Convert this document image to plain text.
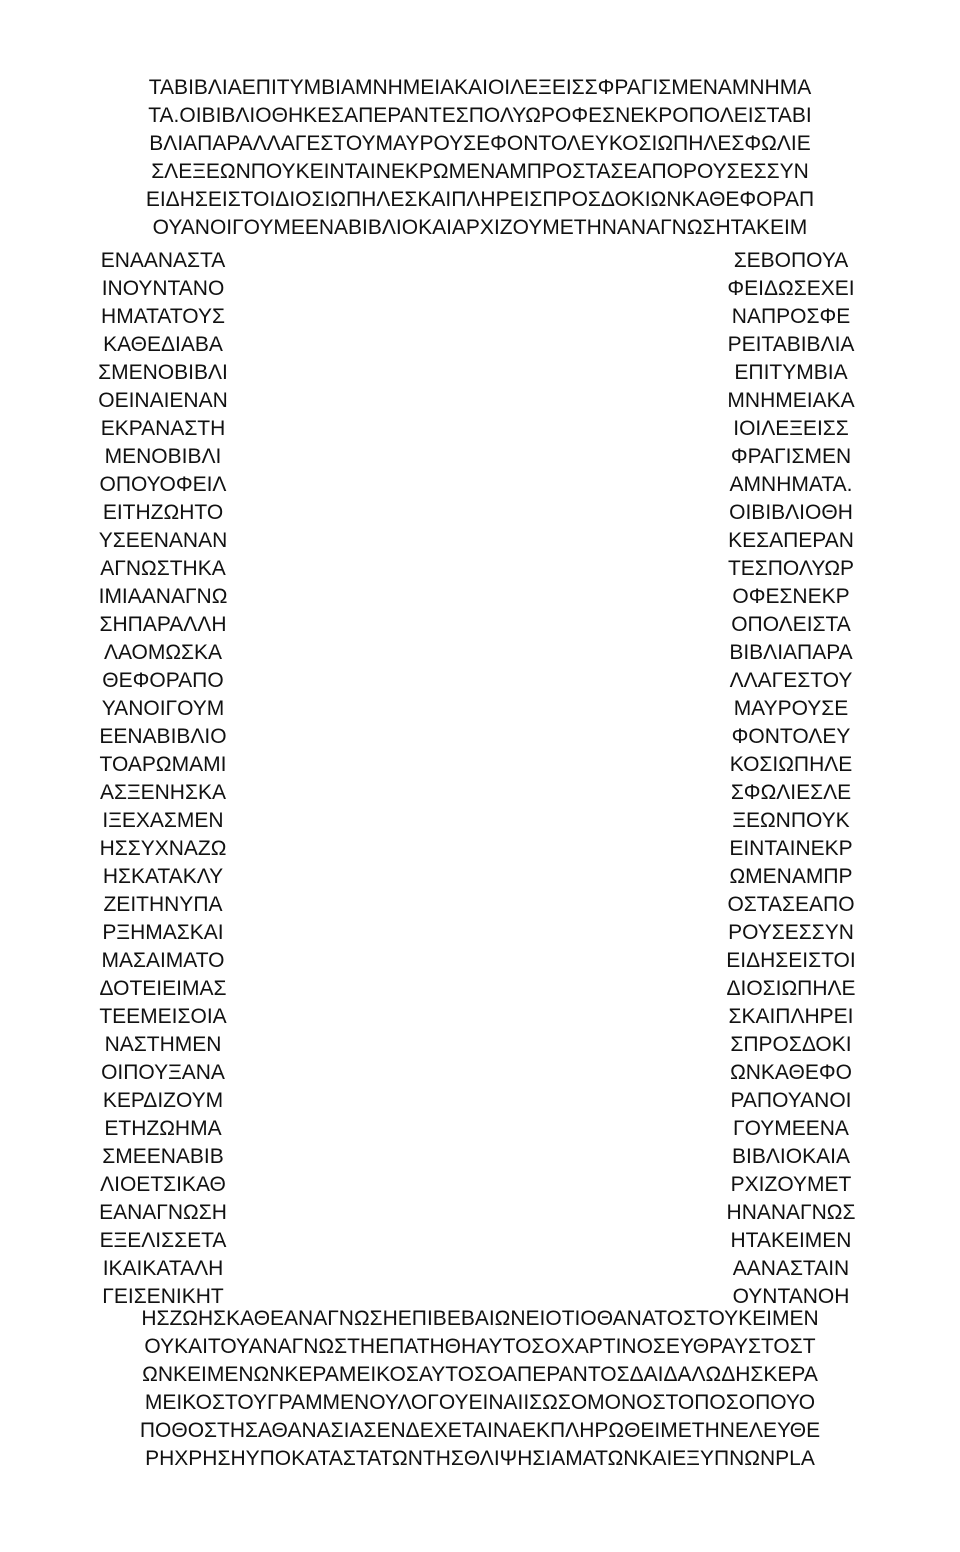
ΤΑΒΙΒΛΙΑΕΠΙΤΥΜΒΙΑΜΝΗΜΕΙΑΚΑΙΟΙΛΕΞΕΙΣΣΦΡΑΓΙΣΜΕΝΑΜΝΗΜΑ
ΤΑ.ΟΙΒΙΒΛΙΟΘΗΚΕΣΑΠΕΡΑΝΤΕΣΠΟΛΥΩΡΟΦΕΣΝΕΚΡΟΠΟΛΕΙΣΤΑΒΙ
ΒΛΙΑΠΑΡΑΛΛΑΓΕΣΤΟΥΜΑΥΡΟΥΣΕΦΟΝΤΟΛΕΥΚΟΣΙΩΠΗΛΕΣΦΩΛΙΕ
ΣΛΕΞΕΩΝΠΟΥΚΕΙΝΤΑΙΝΕΚΡΩΜΕΝΑΜΠΡΟΣΤΑΣΕΑΠΟΡΟΥΣΕΣΣΥΝ
ΕΙΔΗΣΕΙΣΤΟΙΔΙΟΣΙΩΠΗΛΕΣΚΑΙΠΛΗΡΕΙΣΠΡΟΣΔΟΚΙΩΝΚΑΘΕΦΟΡΑΠ
ΟΥΑΝΟΙΓΟΥΜΕΕΝΑΒΙΒΛΙΟΚΑΙΑΡΧΙΖΟΥΜΕΤΗΝΑΝΑΓΝΩΣΗΤΑΚΕΙΜ
ΕΝΑΑΝΑΣΤΑ
ΙΝΟΥΝΤΑΝΟ
ΗΜΑΤΑΤΟΥΣ
ΚΑΘΕΔΙΑΒΑ
ΣΜΕΝΟΒΙΒΛΙ
ΟΕΙΝΑΙΕΝΑΝ
ΕΚΡΑΝΑΣΤΗ
ΜΕΝΟΒΙΒΛΙ
ΟΠΟΥΟΦΕΙΛ
ΕΙΤΗΖΩΗΤΟ
ΥΣΕΕΝΑΝΑΝ
ΑΓΝΩΣΤΗΚΑ
ΙΜΙΑΑΝΑΓΝΩ
ΣΗΠΑΡΑΛΛΗ
ΛΑΟΜΩΣΚΑ
ΘΕΦΟΡΑΠΟ
ΥΑΝΟΙΓΟΥΜ
ΕΕΝΑΒΙΒΛΙΟ
ΤΟΑΡΩΜΑΜΙ
ΑΣΞΕΝΗΣΚΑ
ΙΞΕΧΑΣΜΕΝ
ΗΣΣΥΧΝΑΖΩ
ΗΣΚΑΤΑΚΛΥ
ΖΕΙΤΗΝΥΠΑ
ΡΞΗΜΑΣΚΑΙ
ΜΑΣΑΙΜΑΤΟ
ΔΟΤΕΙΕΙΜΑΣ
ΤΕΕΜΕΙΣΟΙΑ
ΝΑΣΤΗΜΕΝ
ΟΙΠΟΥΞΑΝΑ
ΚΕΡΔΙΖΟΥΜ
ΕΤΗΖΩΗΜΑ
ΣΜΕΕΝΑΒΙΒ
ΛΙΟΕΤΣΙΚΑΘ
ΕΑΝΑΓΝΩΣΗ
ΕΞΕΛΙΣΣΕΤΑ
ΙΚΑΙΚΑΤΑΛΗ
ΓΕΙΣΕΝΙΚΗΤ
ΣΕΒΟΠΟΥΑ
ΦΕΙΔΩΣΕΧΕΙ
ΝΑΠΡΟΣΦΕ
ΡΕΙΤΑΒΙΒΛΙΑ
ΕΠΙΤΥΜΒΙΑ
ΜΝΗΜΕΙΑΚΑ
ΙΟΙΛΕΞΕΙΣΣ
ΦΡΑΓΙΣΜΕΝ
ΑΜΝΗΜΑΤΑ.
ΟΙΒΙΒΛΙΟΘΗ
ΚΕΣΑΠΕΡΑΝ
ΤΕΣΠΟΛΥΩΡ
ΟΦΕΣΝΕΚΡ
ΟΠΟΛΕΙΣΤΑ
ΒΙΒΛΙΑΠΑΡΑ
ΛΛΑΓΕΣΤΟΥ
ΜΑΥΡΟΥΣΕ
ΦΟΝΤΟΛΕΥ
ΚΟΣΙΩΠΗΛΕ
ΣΦΩΛΙΕΣΛΕ
ΞΕΩΝΠΟΥΚ
ΕΙΝΤΑΙΝΕΚΡ
ΩΜΕΝΑΜΠΡ
ΟΣΤΑΣΕΑΠΟ
ΡΟΥΣΕΣΣΥΝ
ΕΙΔΗΣΕΙΣΤΟΙ
ΔΙΟΣΙΩΠΗΛΕ
ΣΚΑΙΠΛΗΡΕΙ
ΣΠΡΟΣΔΟΚΙ
ΩΝΚΑΘΕΦΟ
ΡΑΠΟΥΑΝΟΙ
ΓΟΥΜΕΕΝΑ
ΒΙΒΛΙΟΚΑΙΑ
ΡΧΙΖΟΥΜΕΤ
ΗΝΑΝΑΓΝΩΣ
ΗΤΑΚΕΙΜΕΝ
ΑΑΝΑΣΤΑΙΝ
ΟΥΝΤΑΝΟΗ
ΗΣΖΩΗΣΚΑΘΕΑΝΑΓΝΩΣΗΕΠΙΒΕΒΑΙΩΝΕΙΟΤΙΟΘΑΝΑΤΟΣΤΟΥΚΕΙΜΕΝ
ΟΥΚΑΙΤΟΥΑΝΑΓΝΩΣΤΗΕΠΑΤΗΘΗΑΥΤΟΣΟΧΑΡΤΙΝΟΣΕΥΘΡΑΥΣΤΟΣΤ
ΩΝΚΕΙΜΕΝΩΝΚΕΡΑΜΕΙΚΟΣΑΥΤΟΣΟΑΠΕΡΑΝΤΟΣΔΑΙΔΑΛΩΔΗΣΚΕΡΑ
ΜΕΙΚΟΣΤΟΥΓΡΑΜΜΕΝΟΥΛΟΓΟΥΕΙΝΑΙΙΣΩΣΟΜΟΝΟΣΤΟΠΟΣΟΠΟΥΟ
ΠΟΘΟΣΤΗΣΑΘΑΝΑΣΙΑΣΕΝΔΕΧΕΤΑΙΝΑΕΚΠΛΗΡΩΘΕΙΜΕΤΗΝΕΛΕΥΘΕ
ΡΗΧΡΗΣΗΥΠΟΚΑΤΑΣΤΑΤΩΝΤΗΣΘΛΙΨΗΣΙΑΜΑΤΩΝΚΑΙΕΞΥΠΝΩΝPLA
